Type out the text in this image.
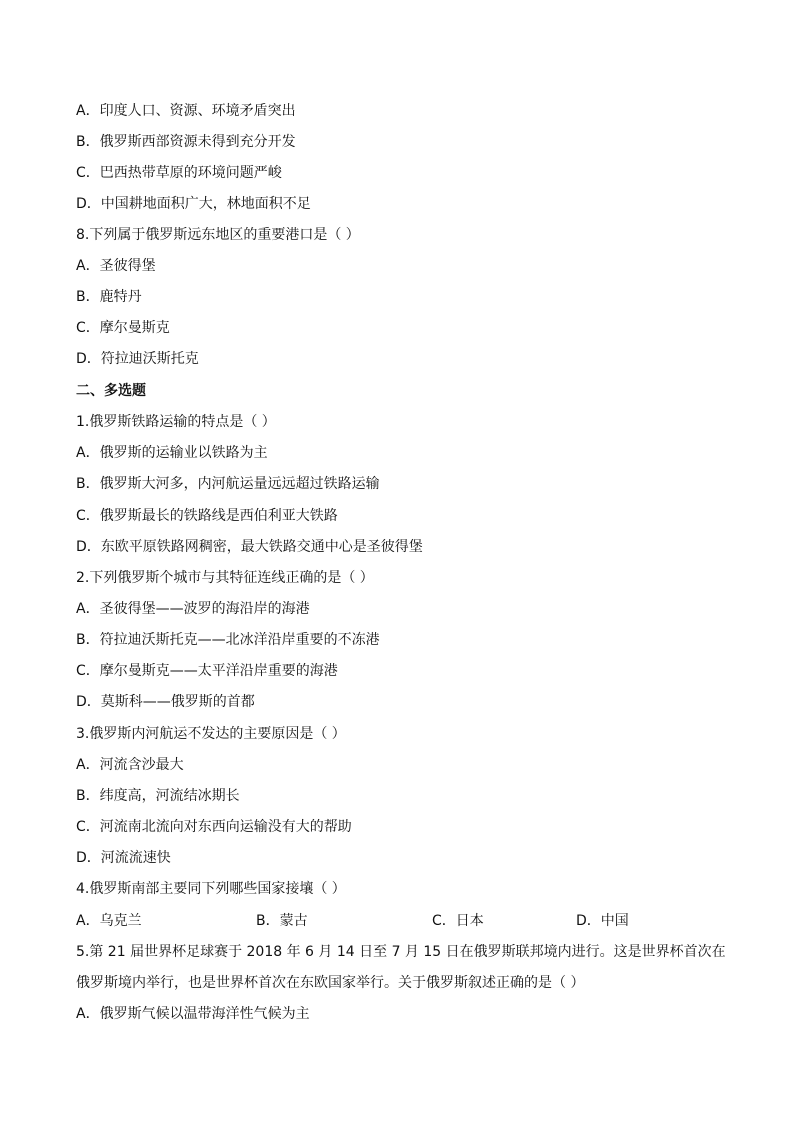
A．印度人口、资源、环境矛盾突出
B．俄罗斯西部资源未得到充分开发
C．巴西热带草原的环境问题严峻
D．中国耕地面积广大，林地面积不足
8.下列属于俄罗斯远东地区的重要港口是（ ）
A．圣彼得堡
B．鹿特丹
C．摩尔曼斯克
D．符拉迪沃斯托克
二、多选题
1.俄罗斯铁路运输的特点是（ ）
A．俄罗斯的运输业以铁路为主
B．俄罗斯大河多，内河航运量远远超过铁路运输
C．俄罗斯最长的铁路线是西伯利亚大铁路
D．东欧平原铁路网稠密，最大铁路交通中心是圣彼得堡
2.下列俄罗斯个城市与其特征连线正确的是（ ）
A．圣彼得堡——波罗的海沿岸的海港
B．符拉迪沃斯托克——北冰洋沿岸重要的不冻港
C．摩尔曼斯克——太平洋沿岸重要的海港
D．莫斯科——俄罗斯的首都
3.俄罗斯内河航运不发达的主要原因是（ ）
A．河流含沙最大
B．纬度高，河流结冰期长
C．河流南北流向对东西向运输没有大的帮助
D．河流流速快
4.俄罗斯南部主要同下列哪些国家接壤（ ）
A．乌克兰	B．蒙古	C．日本	D．中国
5.第 21 届世界杯足球赛于 2018 年 6 月 14 日至 7 月 15 日在俄罗斯联邦境内进行。这是世界杯首次在
俄罗斯境内举行，也是世界杯首次在东欧国家举行。关于俄罗斯叙述正确的是（ ）
A．俄罗斯气候以温带海洋性气候为主
